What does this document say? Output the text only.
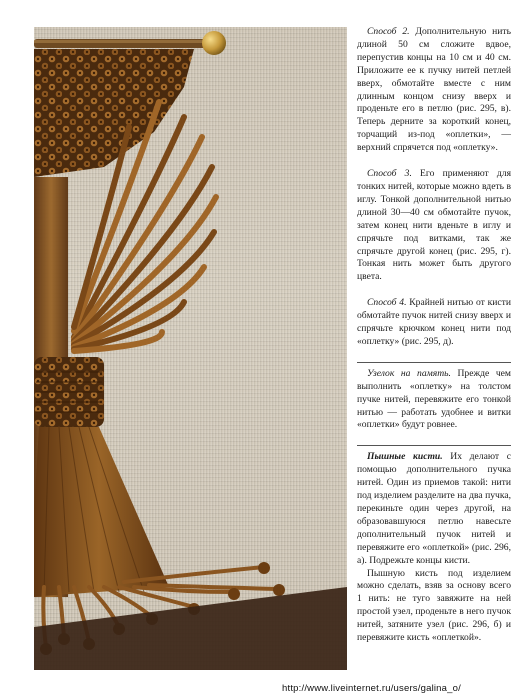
Способ 2. Дополнительную нить длиной 50 см сложите вдвое, перепустив концы на 10 см и 40 см. Приложите ее к пучку нитей петлей вверх, обмотайте вместе с ним длинным концом снизу вверх и проденьте его в петлю (рис. 295, в). Теперь дерните за короткий конец, торчащий из-под «оплетки», — верхний спрячется под «оплетку».

Способ 3. Его применяют для тонких нитей, которые можно вдеть в иглу. Тонкой дополнительной нитью длиной 30—40 см обмотайте пучок, затем конец нити вденьте в иглу и спрячьте под витками, так же спрячьте другой конец (рис. 295, г). Тонкая нить может быть другого цвета.

Способ 4. Крайней нитью от кисти обмотайте пучок нитей снизу вверх и спрячьте крючком конец нити под «оплетку» (рис. 295, д).

Узелок на память. Прежде чем выполнить «оплетку» на толстом пучке нитей, перевяжите его тонкой нитью — работать удобнее и витки «оплетки» будут ровнее.

Пышные кисти. Их делают с помощью дополнительного пучка нитей. Один из приемов такой: нити под изделием разделите на два пучка, перекиньте один через другой, на образовавшуюся петлю навесьте дополнительный пучок нитей и перевяжите его «оплеткой» (рис. 296, а). Подрежьте концы кисти.

Пышную кисть под изделием можно сделать, взяв за основу всего 1 нить: не туго завяжите на ней простой узел, проденьте в него пучок нитей, затяните узел (рис. 296, б) и перевяжите кисть «оплеткой».

http://www.liveinternet.ru/users/galina_o/
